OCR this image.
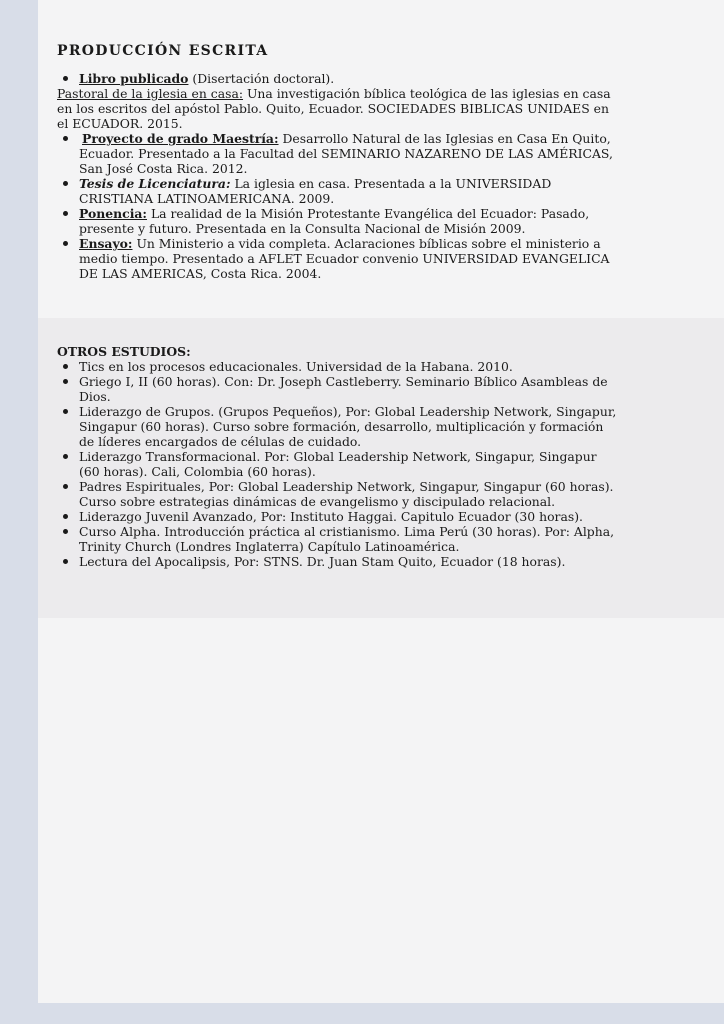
PRODUCCIÓN ESCRITA
Libro publicado (Disertación doctoral).
Pastoral de la iglesia en casa: Una investigación bíblica teológica de las iglesias en casa en los escritos del apóstol Pablo. Quito, Ecuador. SOCIEDADES BIBLICAS UNIDAES en el ECUADOR. 2015.
Proyecto de grado Maestría: Desarrollo Natural de las Iglesias en Casa En Quito, Ecuador. Presentado a la Facultad del SEMINARIO NAZARENO DE LAS AMÉRICAS, San José Costa Rica. 2012.
Tesis de Licenciatura: La iglesia en casa. Presentada a la UNIVERSIDAD CRISTIANA LATINOAMERICANA. 2009.
Ponencia: La realidad de la Misión Protestante Evangélica del Ecuador: Pasado, presente y futuro. Presentada en la Consulta Nacional de Misión 2009.
Ensayo: Un Ministerio a vida completa. Aclaraciones bíblicas sobre el ministerio a medio tiempo. Presentado a AFLET Ecuador convenio UNIVERSIDAD EVANGELICA DE LAS AMERICAS, Costa Rica. 2004.
OTROS ESTUDIOS:
Tics en los procesos educacionales. Universidad de la Habana. 2010.
Griego I, II (60 horas). Con: Dr. Joseph Castleberry. Seminario Bíblico Asambleas de Dios.
Liderazgo de Grupos. (Grupos Pequeños), Por: Global Leadership Network, Singapur, Singapur (60 horas). Curso sobre formación, desarrollo, multiplicación y formación de líderes encargados de células de cuidado.
Liderazgo Transformacional. Por: Global Leadership Network, Singapur, Singapur (60 horas). Cali, Colombia (60 horas).
Padres Espirituales, Por: Global Leadership Network, Singapur, Singapur (60 horas). Curso sobre estrategias dinámicas de evangelismo y discipulado relacional.
Liderazgo Juvenil Avanzado, Por: Instituto Haggai. Capitulo Ecuador (30 horas).
Curso Alpha. Introducción práctica al cristianismo. Lima Perú (30 horas). Por: Alpha, Trinity Church (Londres Inglaterra) Capítulo Latinoamérica.
Lectura del Apocalipsis, Por: STNS. Dr. Juan Stam Quito, Ecuador (18 horas).
